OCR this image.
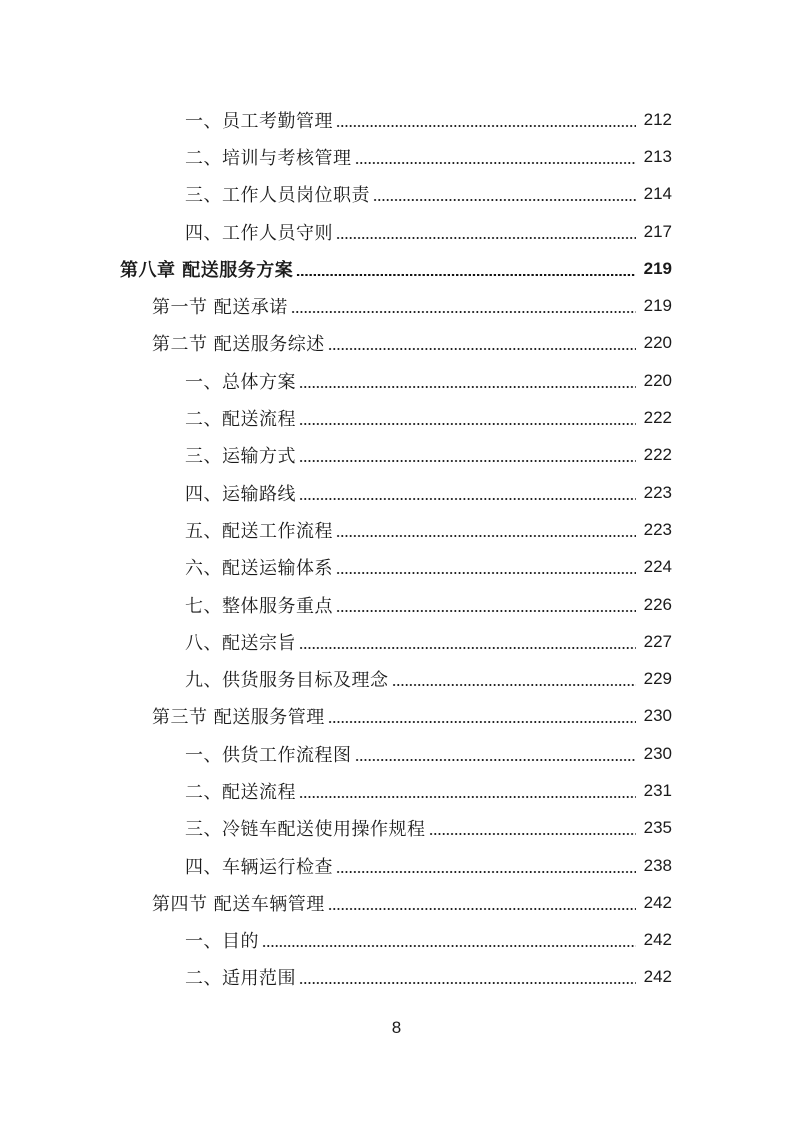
一、员工考勤管理	212
二、培训与考核管理	213
三、工作人员岗位职责	214
四、工作人员守则	217
第八章 配送服务方案	219
第一节 配送承诺	219
第二节 配送服务综述	220
一、总体方案	220
二、配送流程	222
三、运输方式	222
四、运输路线	223
五、配送工作流程	223
六、配送运输体系	224
七、整体服务重点	226
八、配送宗旨	227
九、供货服务目标及理念	229
第三节 配送服务管理	230
一、供货工作流程图	230
二、配送流程	231
三、冷链车配送使用操作规程	235
四、车辆运行检查	238
第四节 配送车辆管理	242
一、目的	242
二、适用范围	242
8
